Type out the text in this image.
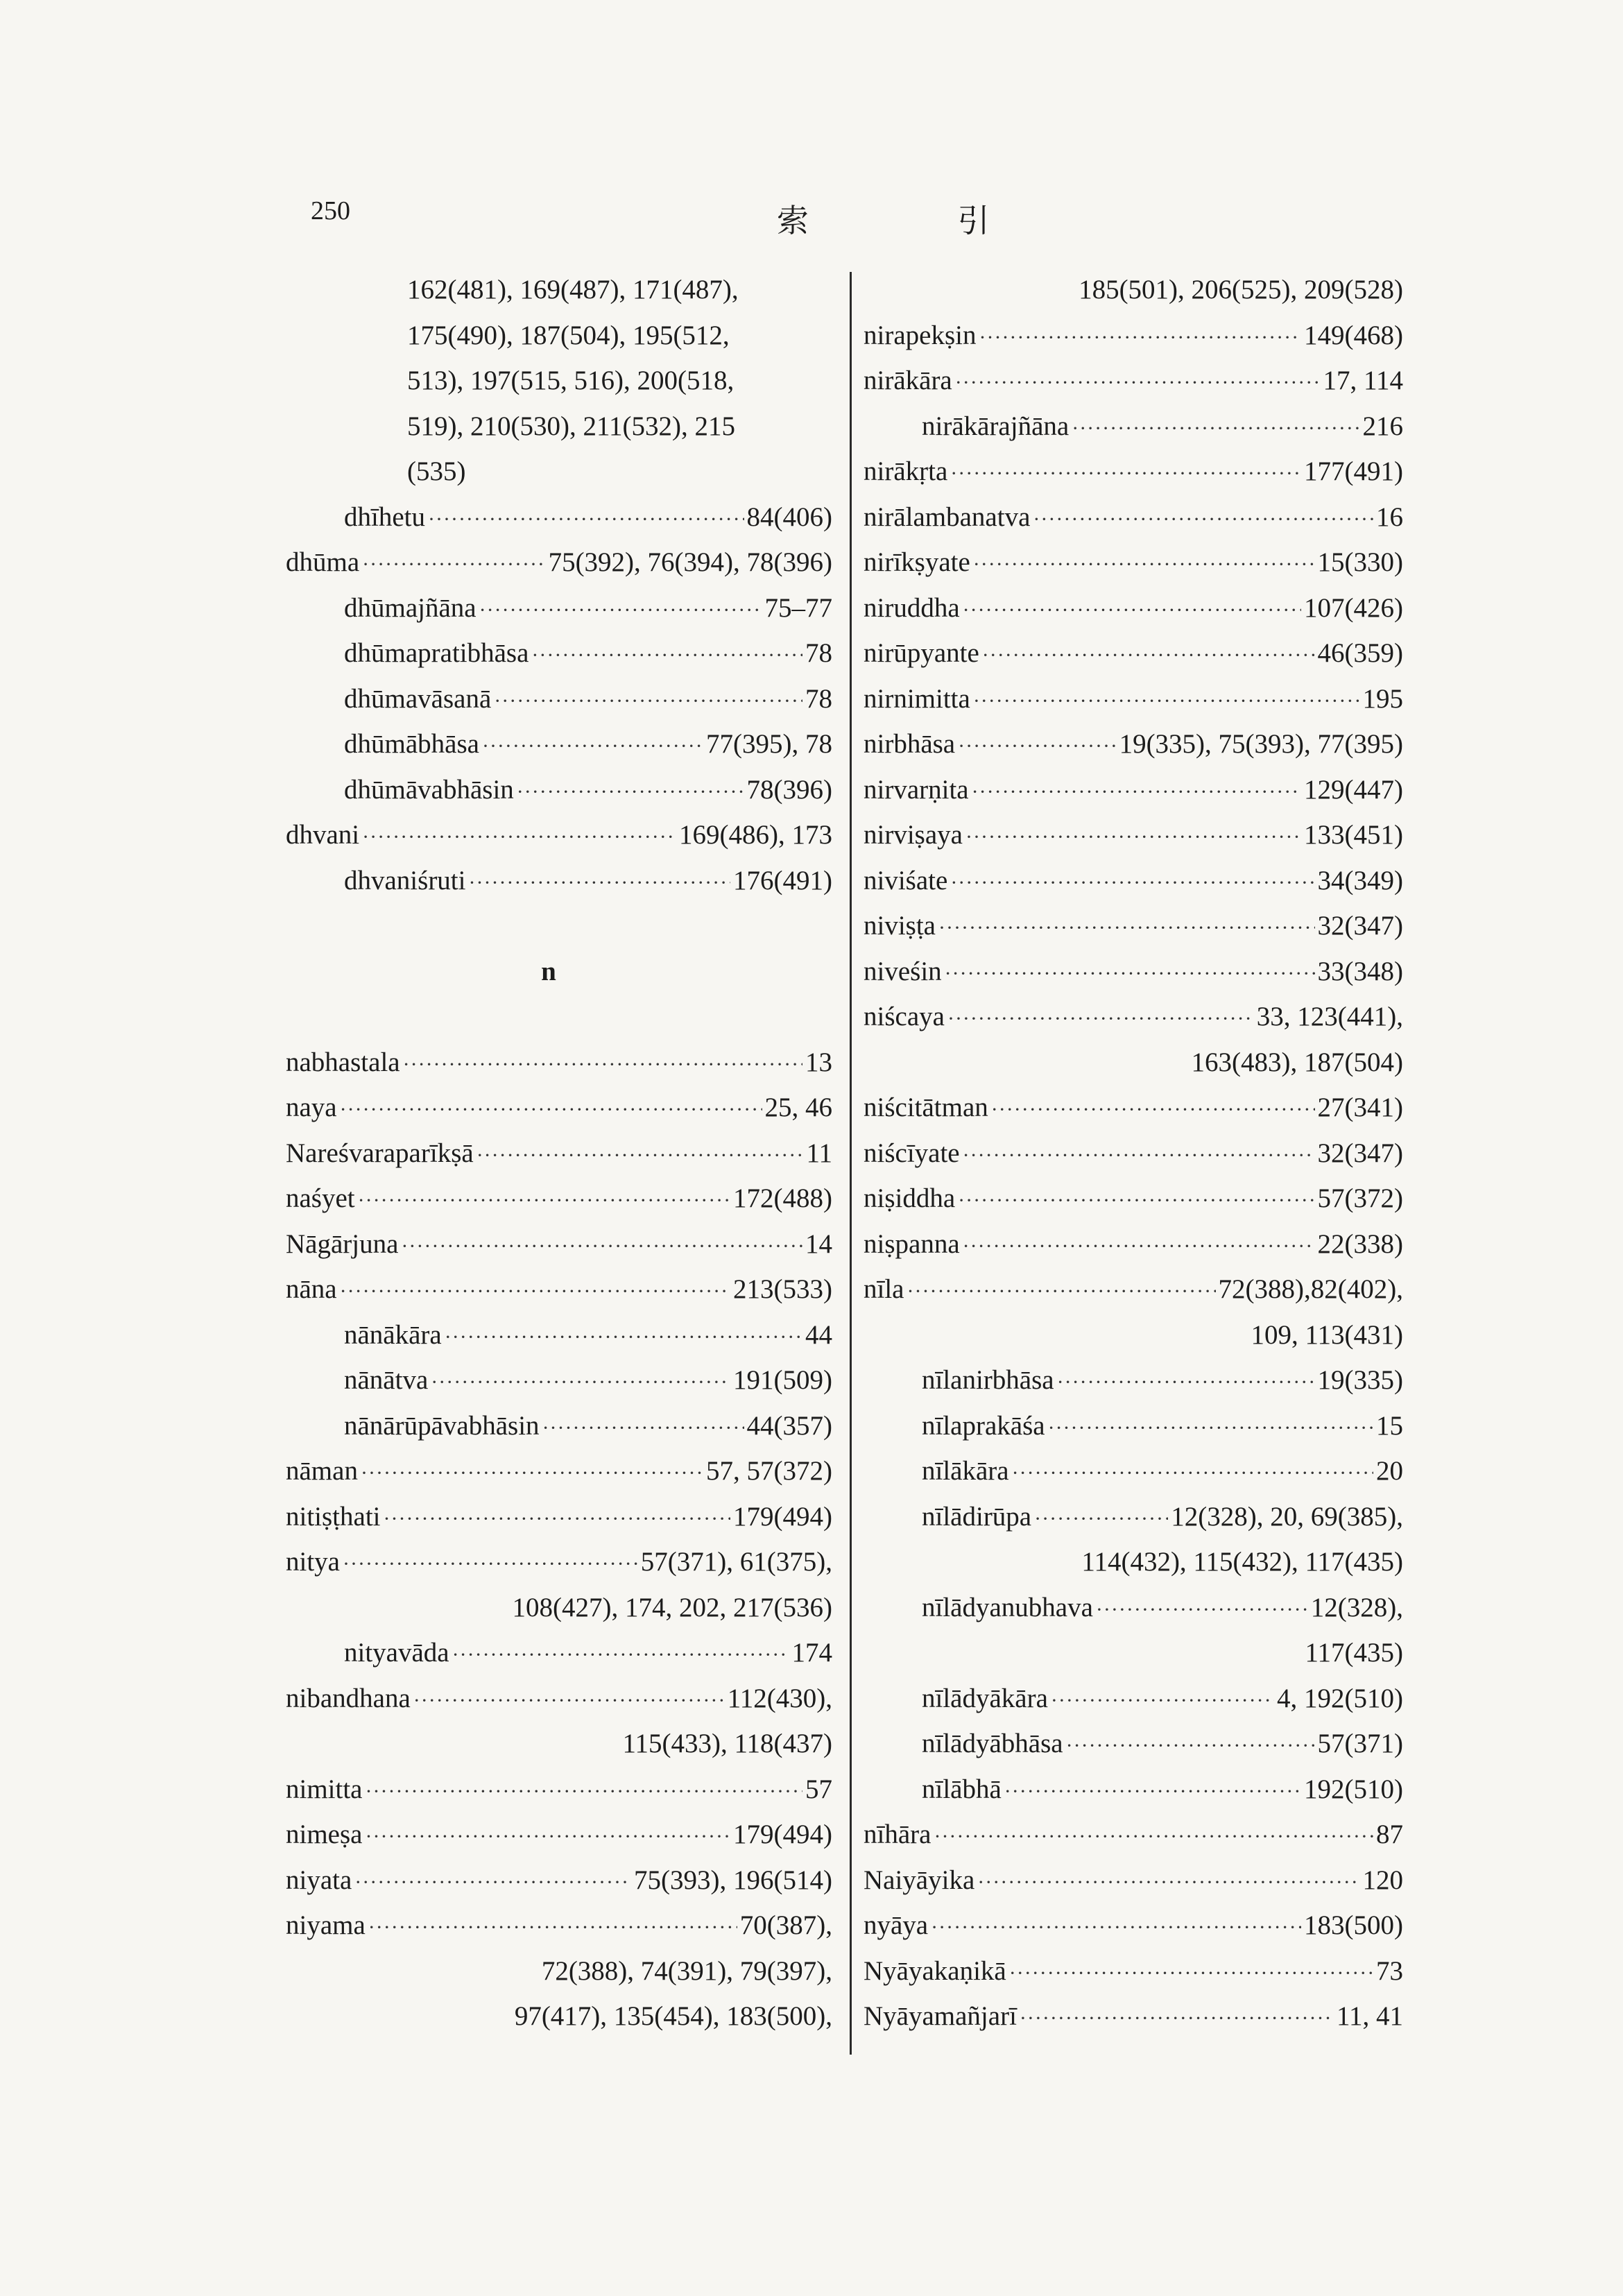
250	索 引
162(481), 169(487), 171(487),
175(490), 187(504), 195(512,
513), 197(515, 516), 200(518,
519), 210(530), 211(532), 215
(535)
dhīhetu ·····	84(406)
dhūma ·····	75(392), 76(394), 78(396)
dhūmajñāna ·····	75–77
dhūmapratibhāsa ·····	78
dhūmavāsanā ·····	78
dhūmābhāsa ·····	77(395), 78
dhūmāvabhāsin ·····	78(396)
dhvani ·····	169(486), 173
dhvaniśruti ·····	176(491)
n
nabhastala ·····	13
naya ·····	25, 46
Nareśvaraparīkṣā ·····	11
naśyet ·····	172(488)
Nāgārjuna ·····	14
nāna ·····	213(533)
nānākāra ·····	44
nānātva ·····	191(509)
nānārūpāvabhāsin ·····	44(357)
nāman ·····	57, 57(372)
nitiṣṭhati ·····	179(494)
nitya ·····	57(371), 61(375),
108(427), 174, 202, 217(536)
nityavāda ·····	174
nibandhana ·····	112(430),
115(433), 118(437)
nimitta ·····	57
nimeṣa ·····	179(494)
niyata ·····	75(393), 196(514)
niyama ·····	70(387),
72(388), 74(391), 79(397),
97(417), 135(454), 183(500),
185(501), 206(525), 209(528)
nirapekṣin ·····	149(468)
nirākāra ·····	17, 114
nirākārajñāna ·····	216
nirākṛta ·····	177(491)
nirālambanatva ·····	16
nirīkṣyate ·····	15(330)
niruddha ·····	107(426)
nirūpyante ·····	46(359)
nirnimitta ·····	195
nirbhāsa ·····	19(335), 75(393), 77(395)
nirvarṇita ·····	129(447)
nirviṣaya ·····	133(451)
niviśate ·····	34(349)
niviṣṭa ·····	32(347)
niveśin ·····	33(348)
niścaya ·····	33, 123(441),
163(483), 187(504)
niścitātman ·····	27(341)
niścīyate ·····	32(347)
niṣiddha ·····	57(372)
niṣpanna ·····	22(338)
nīla ·····	72(388),82(402),
109, 113(431)
nīlanirbhāsa ·····	19(335)
nīlaprakāśa ·····	15
nīlākāra ·····	20
nīlādirūpa ·····	12(328), 20, 69(385),
114(432), 115(432), 117(435)
nīlādyanubhava ·····	12(328),
117(435)
nīlādyākāra ·····	4, 192(510)
nīlādyābhāsa ·····	57(371)
nīlābhā ·····	192(510)
nīhāra ·····	87
Naiyāyika ·····	120
nyāya ·····	183(500)
Nyāyakaṇikā ·····	73
Nyāyamañjarī ·····	11, 41
